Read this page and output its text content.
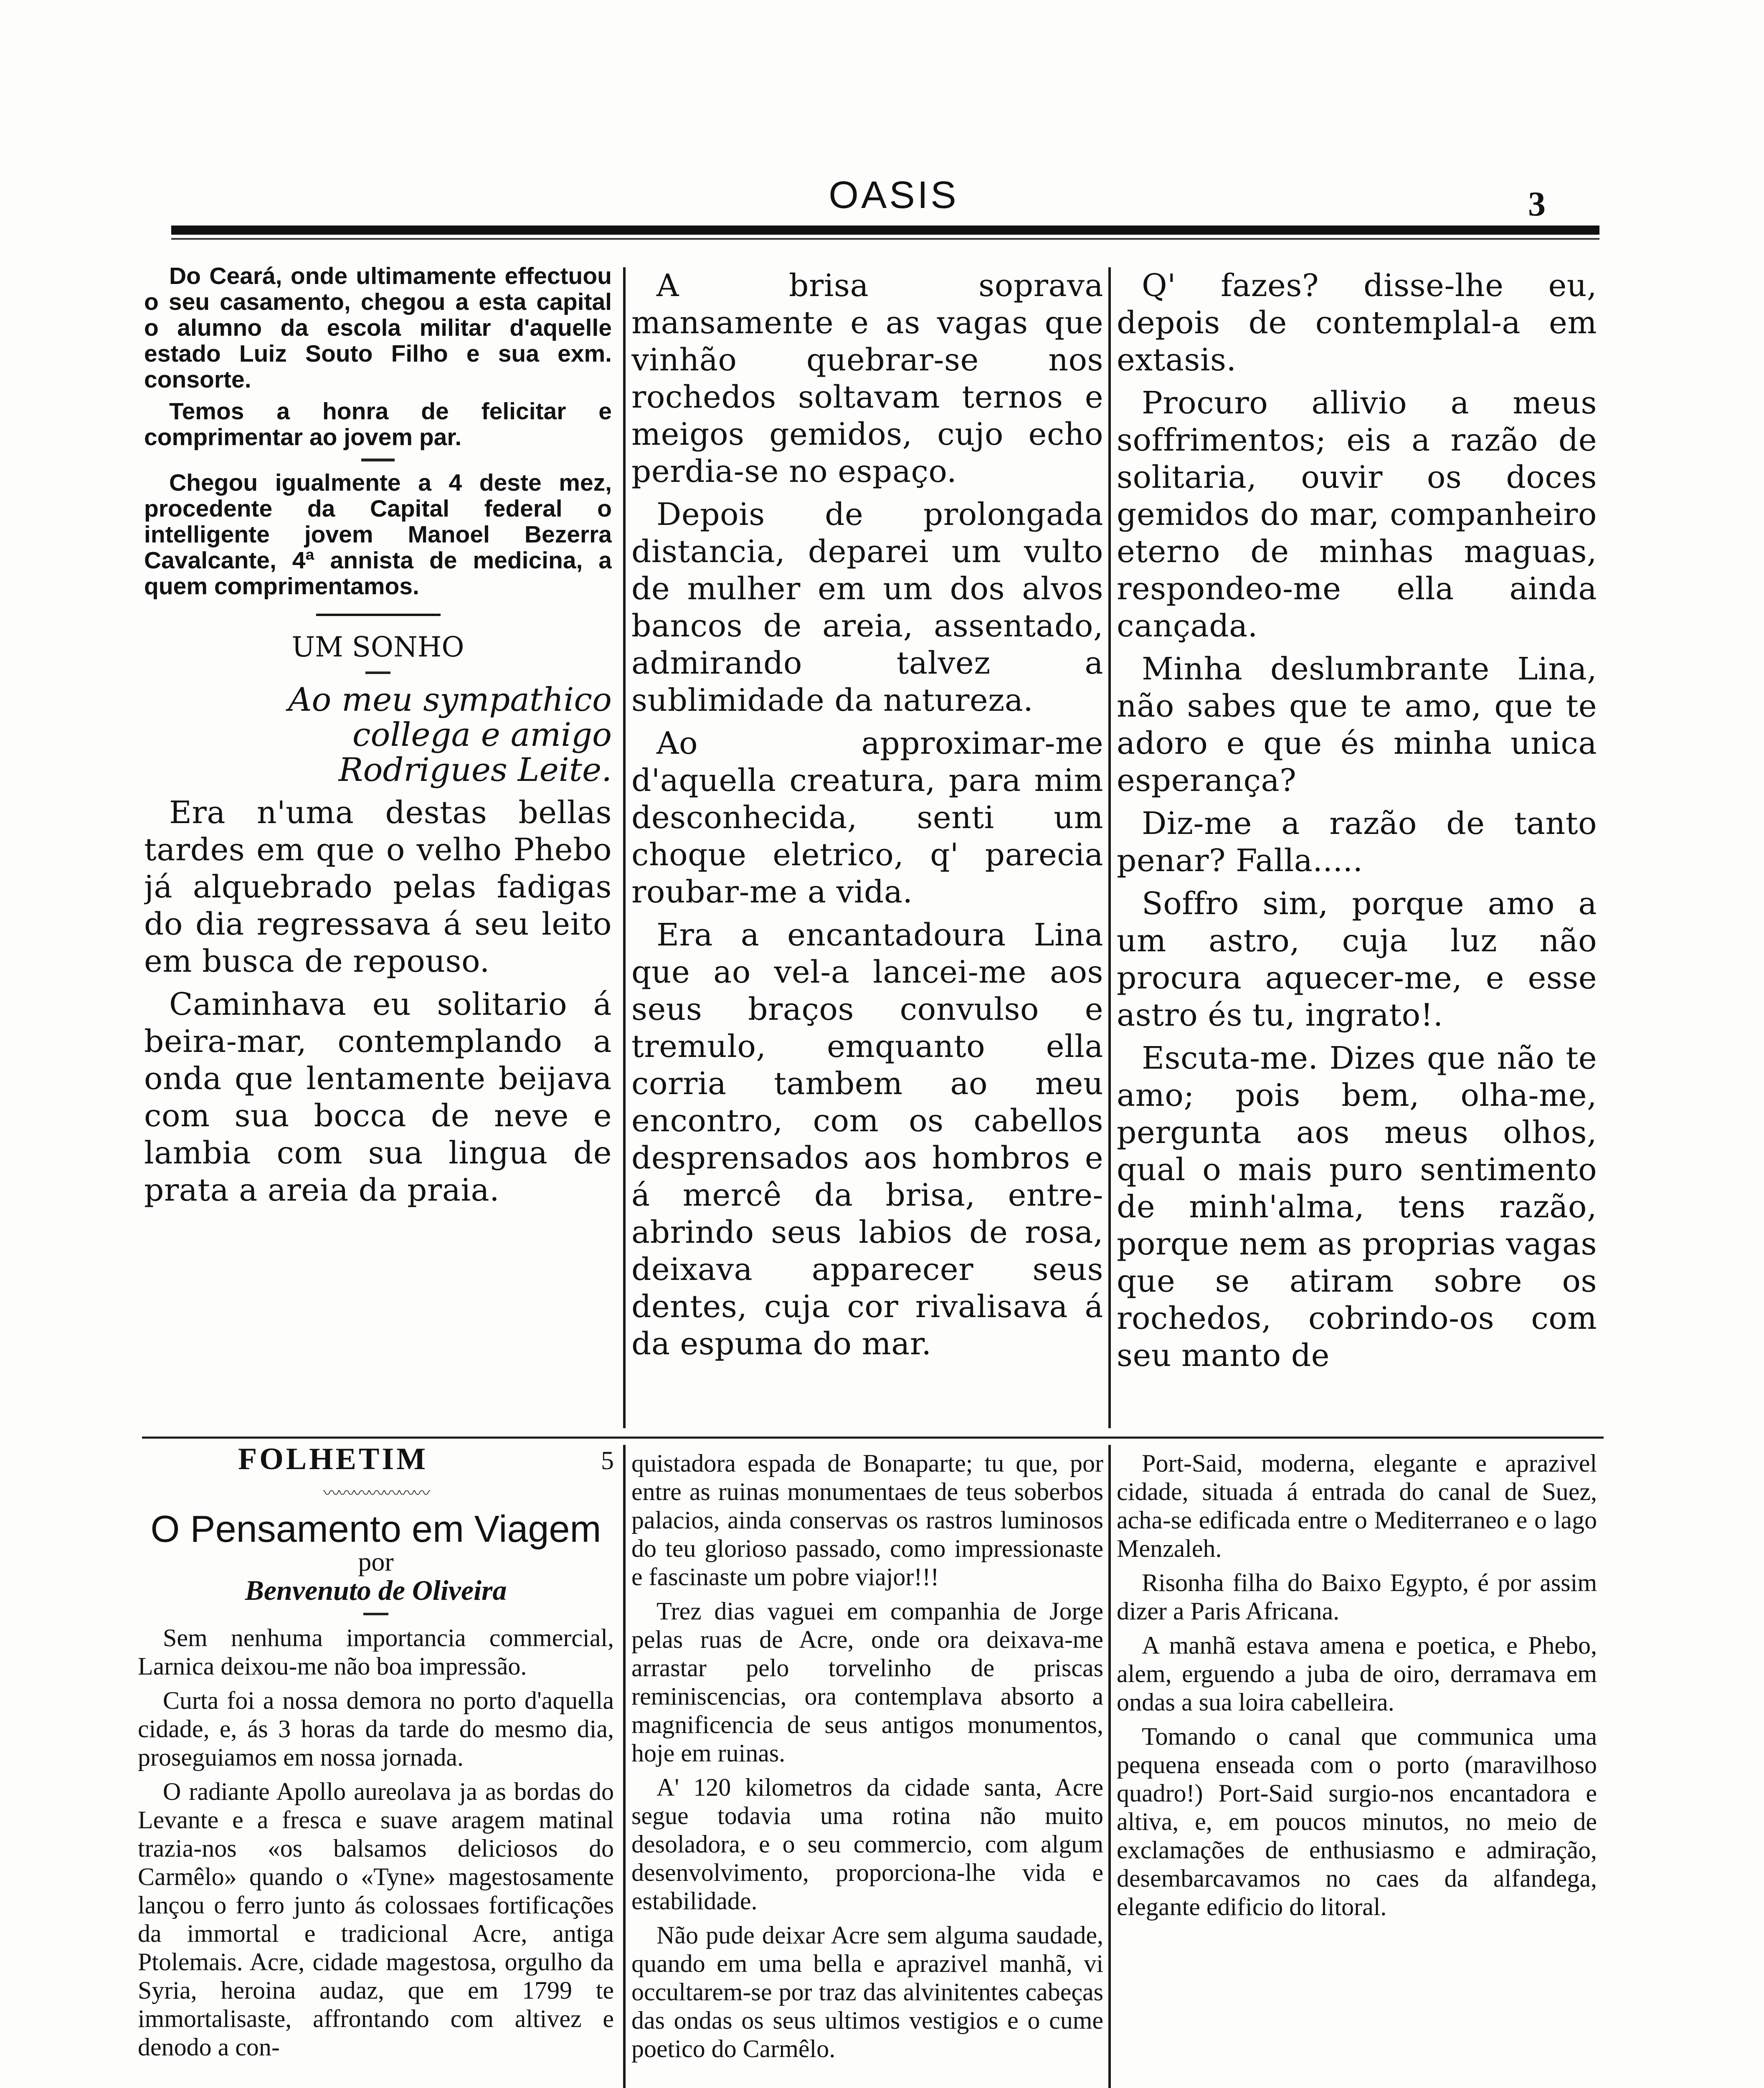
OASIS	3

Do Ceará, onde ultimamente effectuou o seu casamento, chegou a esta capital o alumno da escola militar d'aquelle estado Luiz Souto Filho e sua exm. consorte.

Temos a honra de felicitar e comprimentar ao jovem par.

Chegou igualmente a 4 deste mez, procedente da Capital federal o intelligente jovem Manoel Bezerra Cavalcante, 4ª annista de medicina, a quem comprimentamos.

━━━━━━━━━━━━━━━━
UM SONHO
Ao meu sympathico collega e amigo Rodrigues Leite.

Era n'uma destas bellas tardes em que o velho Phebo já alquebrado pelas fadigas do dia regressava á seu leito em busca de repouso.

Caminhava eu solitario á beira-mar, contemplando a onda que lentamente beijava com sua bocca de neve e lambia com sua lingua de prata a areia da praia.

A brisa soprava mansamente e as vagas que vinhão quebrar-se nos rochedos soltavam ternos e meigos gemidos, cujo echo perdia-se no espaço.

Depois de prolongada distancia, deparei um vulto de mulher em um dos alvos bancos de areia, assentado, admirando talvez a sublimidade da natureza.

Ao approximar-me d'aquella creatura, para mim desconhecida, senti um choque eletrico, q' parecia roubar-me a vida.

Era a encantadoura Lina que ao vel-a lancei-me aos seus braços convulso e tremulo, emquanto ella corria tambem ao meu encontro, com os cabellos desprensados aos hombros e á mercê da brisa, entre-abrindo seus labios de rosa, deixava apparecer seus dentes, cuja cor rivalisava á da espuma do mar.

Q' fazes? disse-lhe eu, depois de contemplal-a em extasis.

Procuro allivio a meus soffrimentos; eis a razão de solitaria, ouvir os doces gemidos do mar, companheiro eterno de minhas maguas, respondeo-me ella ainda cançada.

Minha deslumbrante Lina, não sabes que te amo, que te adoro e que és minha unica esperança?

Diz-me a razão de tanto penar? Falla.....

Soffro sim, porque amo a um astro, cuja luz não procura aquecer-me, e esse astro és tu, ingrato!.

Escuta-me. Dizes que não te amo; pois bem, olha-me, pergunta aos meus olhos, qual o mais puro sentimento de minh'alma, tens razão, porque nem as proprias vagas que se atiram sobre os rochedos, cobrindo-os com seu manto de

FOLHETIM	5
〰〰〰〰〰〰〰
O Pensamento em Viagem
por
Benvenuto de Oliveira

Sem nenhuma importancia commercial, Larnica deixou-me não boa impressão.

Curta foi a nossa demora no porto d'aquella cidade, e, ás 3 horas da tarde do mesmo dia, proseguiamos em nossa jornada.

O radiante Apollo aureolava ja as bordas do Levante e a fresca e suave aragem matinal trazia-nos «os balsamos deliciosos do Carmêlo» quando o «Tyne» magestosamente lançou o ferro junto ás colossaes fortificações da immortal e tradicional Acre, antiga Ptolemais. Acre, cidade magestosa, orgulho da Syria, heroina audaz, que em 1799 te immortalisaste, affrontando com altivez e denodo a con-

quistadora espada de Bonaparte; tu que, por entre as ruinas monumentaes de teus soberbos palacios, ainda conservas os rastros luminosos do teu glorioso passado, como impressionaste e fascinaste um pobre viajor!!!

Trez dias vaguei em companhia de Jorge pelas ruas de Acre, onde ora deixava-me arrastar pelo torvelinho de priscas reminiscencias, ora contemplava absorto a magnificencia de seus antigos monumentos, hoje em ruinas.

A' 120 kilometros da cidade santa, Acre segue todavia uma rotina não muito desoladora, e o seu commercio, com algum desenvolvimento, proporciona-lhe vida e estabilidade.

Não pude deixar Acre sem alguma saudade, quando em uma bella e aprazivel manhã, vi occultarem-se por traz das alvinitentes cabeças das ondas os seus ultimos vestigios e o cume poetico do Carmêlo.

Port-Said, moderna, elegante e aprazivel cidade, situada á entrada do canal de Suez, acha-se edificada entre o Mediterraneo e o lago Menzaleh.

Risonha filha do Baixo Egypto, é por assim dizer a Paris Africana.

A manhã estava amena e poetica, e Phebo, alem, erguendo a juba de oiro, derramava em ondas a sua loira cabelleira.

Tomando o canal que communica uma pequena enseada com o porto (maravilhoso quadro!) Port-Said surgio-nos encantadora e altiva, e, em poucos minutos, no meio de exclamações de enthusiasmo e admiração, desembarcavamos no caes da alfandega, elegante edificio do litoral.
